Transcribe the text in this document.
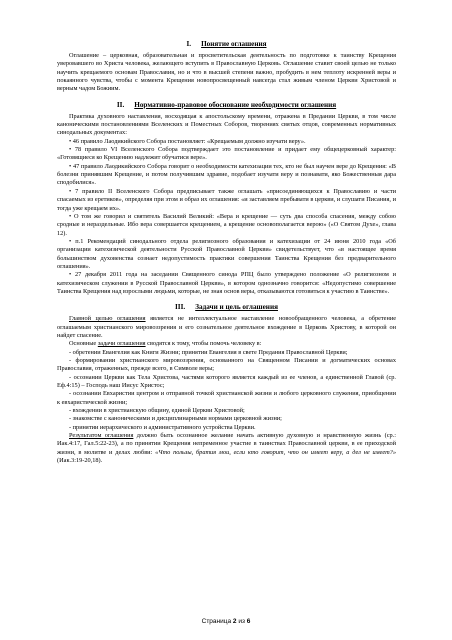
I. Понятие оглашения

Оглашение – церковная, образовательная и просветительская деятельность по подготовке к таинству Крещения уверовавшего во Христа человека, желающего вступить в Православную Церковь. Оглашение ставит своей целью не только научить крещаемого основам Православия, но и что в высшей степени важно, пробудить в нем теплоту искренней веры и покаянного чувства, чтобы с момента Крещения новопросвещенный навсегда стал живым членом Церкви Христовой и верным чадом Божиим.

II. Нормативно-правовое обоснование необходимости оглашения

Практика духовного наставления, восходящая к апостольскому времени, отражена в Предании Церкви, в том числе каноническими постановлениями Вселенских и Поместных Соборов, творениях святых отцов, современных нормативных синодальных документах:

• 46 правило Лаодикийского Собора постановляет: «Крещаемым должно изучати веру».

• 78 правило VI Вселенского Собора подтверждает это постановление и придает ему общецерковный характер: «Готовящиеся ко Крещению надлежит обучатися вере».

• 47 правило Лаодикийского Собора говорит о необходимости катехизации тех, кто не был научен вере до Крещения: «В болезни принявшим Крещение, и потом получившим здравие, подобает изучати веру и познавати, яко Божественныя дара сподобилися».

• 7 правило II Вселенского Собора предписывает также оглашать «присоединяющихся к Православию и части спасаемых из еретиков», определяя при этом и образ их оглашения: «и заставляем пребывати в церкви, и слушати Писания, и тогда уже крещаем их».

• О том же говорил и святитель Василий Великий: «Вера и крещение — суть два способа спасения, между собою сродные и нераздельные. Ибо вера совершается крещением, а крещение основополагается верою» («О Святом Духе», глава 12).

• п.1 Рекомендаций синодального отдела религиозного образования и катехизации от 24 июня 2010 года «Об организации катехизической деятельности Русской Православной Церкви» свидетельствует, что «в настоящее время большинством духовенства сознает недопустимость практики совершения Таинства Крещения без предварительного оглашения».

• 27 декабря 2011 года на заседании Священного синода РПЦ было утверждено положение «О религиозном и катехизическом служении в Русской Православной Церкви», в котором однозначно говорится: «Недопустимо совершение Таинства Крещения над взрослыми людьми, которые, не зная основ веры, отказываются готовиться к участию в Таинстве».

III. Задачи и цель оглашения

Главной целью оглашения является не интеллектуальное наставление новообращенного человека, а обретение оглашаемым христианского мировоззрения и его сознательное деятельное вхождение в Церковь Христову, в которой он найдет спасение.

Основные задачи оглашения сводятся к тому, чтобы помочь человеку в:

- обретении Евангелия как Книги Жизни; принятии Евангелия в свете Предания Православной Церкви;

- формировании христианского мировоззрения, основанного на Священном Писании и догматических основах Православия, отраженных, прежде всего, в Символе веры;

- осознании Церкви как Тела Христова, частями которого является каждый из ее членов, а единственной Главой (ср. Еф.4:15) – Господь наш Иисус Христос;

- осознании Евхаристии центром и отправной точкой христианской жизни и любого церковного служения, приобщении к евхаристической жизни;

- вхождении в христианскую общину, единой Церкви Христовой;

- знакомстве с каноническими и дисциплинарными нормами церковной жизни;

- принятии иерархического и административного устройства Церкви.

Результатом оглашения должно быть осознанное желание начать активную духовную и нравственную жизнь (ср.: Иак.4:17, Гал.5:22-23), а по принятии Крещения непременное участие в таинствах Православной церкви, в ее приходской жизни, в молитве и делах любви: «Что пользы, братия мои, если кто говорит, что он имеет веру, а дел не имеет?» (Иак.3:19-20,18).

Страница 2 из 6
